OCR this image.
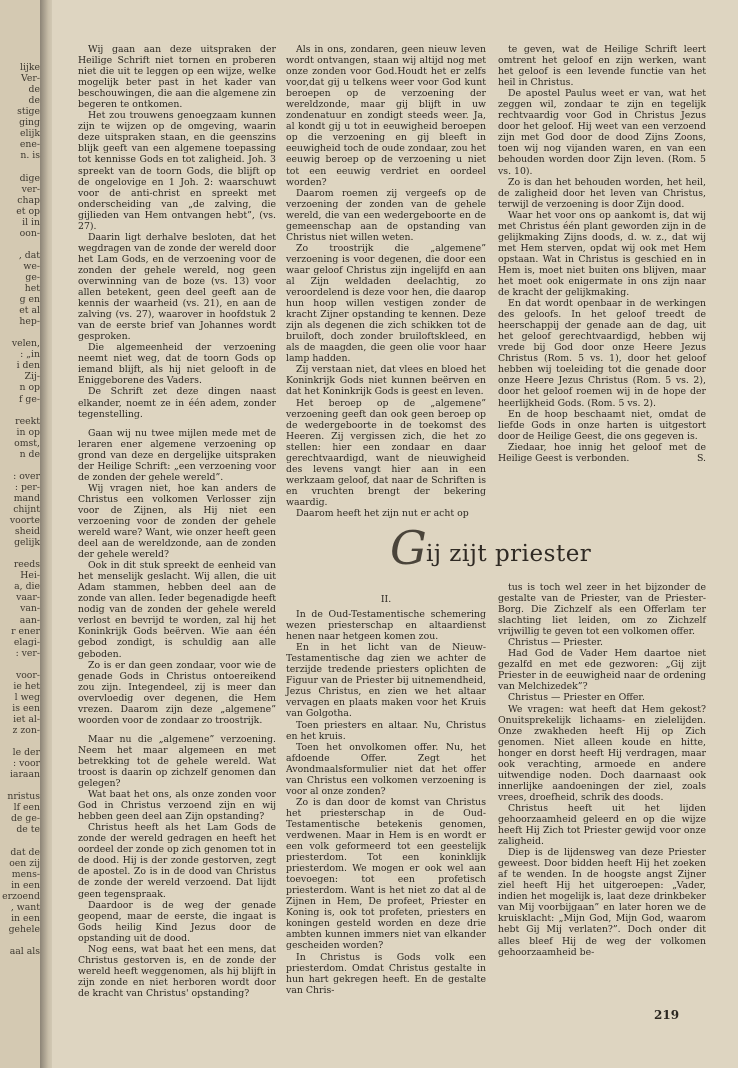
lijke
Ver-
de
de
stige
ging
elijk
ene-
n. is
dige
ver-
chap
et op
il in
oon-
, dat
we-
ge-
het
g en
et al
hep-
velen,
: „in
i den
Zij-
n op
f ge-
reekt
in op
omst,
n de
: over
: per-
mand
chijnt
voorte
sheid
gelijk
reeds
Hei-
a, die
vaar-
van-
aan-
r ener
elagi-
: ver-
voor-
ie het
l weg
is een
iet al-
z zon-
le der
: voor
iaraan
nristus
lf een
de ge-
de te
dat de
oen zij
mens-
in een
erzoend
, want
in een
gehele
aal als

Wij gaan aan deze uitspraken der Heilige Schrift niet tornen en proberen niet die uit te leggen op een wijze, welke mogelijk beter past in het kader van beschouwingen, die aan die algemene zin begeren te ontkomen.

Het zou trouwens genoegzaam kunnen zijn te wijzen op de omgeving, waarin deze uitspraken staan, en die geenszins blijk geeft van een algemene toepassing tot kennisse Gods en tot zaligheid. Joh. 3 spreekt van de toorn Gods, die blijft op de ongelovige en 1 Joh. 2: waarschuwt voor de anti-christ en spreekt met onderscheiding van „de zalving, die gijlieden van Hem ontvangen hebt”, (vs. 27).

Daarin ligt derhalve besloten, dat het wegdragen van de zonde der wereld door het Lam Gods, en de verzoening voor de zonden der gehele wereld, nog geen overwinning van de boze (vs. 13) voor allen betekent, geen deel geeft aan de kennis der waarheid (vs. 21), en aan de zalving (vs. 27), waarover in hoofdstuk 2 van de eerste brief van Johannes wordt gesproken.

Die algemeenheid der verzoening neemt niet weg, dat de toorn Gods op iemand blijft, als hij niet gelooft in de Eniggeborene des Vaders.

De Schrift zet deze dingen naast elkander, noemt ze in één adem, zonder tegenstelling.

Gaan wij nu twee mijlen mede met de leraren ener algemene verzoening op grond van deze en dergelijke uitspraken der Heilige Schrift: „een verzoening voor de zonden der gehele wereld”.

Wij vragen niet, hoe kan anders de Christus een volkomen Verlosser zijn voor de Zijnen, als Hij niet een verzoening voor de zonden der gehele wereld ware? Want, wie onzer heeft geen deel aan de wereldzonde, aan de zonden der gehele wereld?

Ook in dit stuk spreekt de eenheid van het menselijk geslacht. Wij allen, die uit Adam stammen, hebben deel aan de zonde van allen. Ieder begenadigde heeft nodig van de zonden der gehele wereld verlost en bevrijd te worden, zal hij het Koninkrijk Gods beërven. Wie aan één gebod zondigt, is schuldig aan alle geboden.

Zo is er dan geen zondaar, voor wie de genade Gods in Christus ontoereikend zou zijn. Integendeel, zij is meer dan overvloedig over degenen, die Hem vrezen. Daarom zijn deze „algemene” woorden voor de zondaar zo troostrijk.

Maar nu die „algemene” verzoening. Neem het maar algemeen en met betrekking tot de gehele wereld. Wat troost is daarin op zichzelf genomen dan gelegen?

Wat baat het ons, als onze zonden voor God in Christus verzoend zijn en wij hebben geen deel aan Zijn opstanding?

Christus heeft als het Lam Gods de zonde der wereld gedragen en heeft het oordeel der zonde op zich genomen tot in de dood. Hij is der zonde gestorven, zegt de apostel. Zo is in de dood van Christus de zonde der wereld verzoend. Dat lijdt geen tegenspraak.

Daardoor is de weg der genade geopend, maar de eerste, die ingaat is Gods heilig Kind Jezus door de opstanding uit de dood.

Nog eens, wat baat het een mens, dat Christus gestorven is, en de zonde der wereld heeft weggenomen, als hij blijft in zijn zonde en niet herboren wordt door de kracht van Christus' opstanding?

Als in ons, zondaren, geen nieuw leven wordt ontvangen, staan wij altijd nog met onze zonden voor God.Houdt het er zelfs voor,dat gij u telkens weer voor God kunt beroepen op de verzoening der wereldzonde, maar gij blijft in uw zondenatuur en zondigt steeds weer. Ja, al kondt gij u tot in eeuwigheid beroepen op die verzoening en gij bleeft in eeuwigheid toch de oude zondaar, zou het eeuwig beroep op de verzoening u niet tot een eeuwig verdriet en oordeel worden?

Daarom roemen zij vergeefs op de verzoening der zonden van de gehele wereld, die van een wedergeboorte en de gemeenschap aan de opstanding van Christus niet willen weten.

Zo troostrijk die „algemene” verzoening is voor degenen, die door een waar geloof Christus zijn ingelijfd en aan al Zijn weldaden deelachtig, zo veroordelend is deze voor hen, die daarop hun hoop willen vestigen zonder de kracht Zijner opstanding te kennen. Deze zijn als degenen die zich schikken tot de bruiloft, doch zonder bruiloftskleed, en als de maagden, die geen olie voor haar lamp hadden.

Zij verstaan niet, dat vlees en bloed het Koninkrijk Gods niet kunnen beërven en dat het Koninkrijk Gods is geest en leven.

Het beroep op de „algemene” verzoening geeft dan ook geen beroep op de wedergeboorte in de toekomst des Heeren. Zij vergissen zich, die het zo stellen: hier een zondaar en daar gerechtvaardigd, want de nieuwigheid des levens vangt hier aan in een werkzaam geloof, dat naar de Schriften is en vruchten brengt der bekering waardig.

Daarom heeft het zijn nut er acht op

te geven, wat de Heilige Schrift leert omtrent het geloof en zijn werken, want het geloof is een levende functie van het heil in Christus.

De apostel Paulus weet er van, wat het zeggen wil, zondaar te zijn en tegelijk rechtvaardig voor God in Christus Jezus door het geloof. Hij weet van een verzoend zijn met God door de dood Zijns Zoons, toen wij nog vijanden waren, en van een behouden worden door Zijn leven. (Rom. 5 vs. 10).

Zo is dan het behouden worden, het heil, de zaligheid door het leven van Christus, terwijl de verzoening is door Zijn dood.

Waar het voor ons op aankomt is, dat wij met Christus één plant geworden zijn in de gelijkmaking Zijns doods, d. w. z., dat wij met Hem sterven, opdat wij ook met Hem opstaan. Wat in Christus is geschied en in Hem is, moet niet buiten ons blijven, maar het moet ook enigermate in ons zijn naar de kracht der gelijkmaking.

En dat wordt openbaar in de werkingen des geloofs. In het geloof treedt de heerschappij der genade aan de dag, uit het geloof gerechtvaardigd, hebben wij vrede bij God door onze Heere Jezus Christus (Rom. 5 vs. 1), door het geloof hebben wij toeleiding tot die genade door onze Heere Jezus Christus (Rom. 5 vs. 2), door het geloof roemen wij in de hope der heerlijkheid Gods. (Rom. 5 vs. 2).

En de hoop beschaamt niet, omdat de liefde Gods in onze harten is uitgestort door de Heilige Geest, die ons gegeven is.

Ziedaar, hoe innig het geloof met de Heilige Geest is verbonden.	S.

G ij zijt priester

II.

In de Oud-Testamentische schemering wezen priesterschap en altaardienst henen naar hetgeen komen zou.

En in het licht van de Nieuw-Testamentische dag zien we achter de terzijde tredende priesters oplichten de Figuur van de Priester bij uitnemendheid, Jezus Christus, en zien we het altaar vervagen en plaats maken voor het Kruis van Golgotha.

Toen priesters en altaar. Nu, Christus en het kruis.

Toen het onvolkomen offer. Nu, het afdoende Offer. Zegt het Avondmaalsformulier niet dat het offer van Christus een volkomen verzoening is voor al onze zonden?

Zo is dan door de komst van Christus het priesterschap in de Oud-Testamentische betekenis genomen, verdwenen. Maar in Hem is en wordt er een volk geformeerd tot een geestelijk priesterdom. Tot een koninklijk priesterdom. We mogen er ook wel aan toevoegen: tot een profetisch priesterdom. Want is het niet zo dat al de Zijnen in Hem, De profeet, Priester en Koning is, ook tot profeten, priesters en koningen gesteld worden en deze drie ambten kunnen immers niet van elkander gescheiden worden?

In Christus is Gods volk een priesterdom. Omdat Christus gestalte in hun hart gekregen heeft. En de gestalte van Chris-

tus is toch wel zeer in het bijzonder de gestalte van de Priester, van de Priester-Borg. Die Zichzelf als een Offerlam ter slachting liet leiden, om zo Zichzelf vrijwillig te geven tot een volkomen offer.

Christus — Priester.

Had God de Vader Hem daartoe niet gezalfd en met ede gezworen: „Gij zijt Priester in de eeuwigheid naar de ordening van Melchizedek”?

Christus — Priester en Offer.

We vragen: wat heeft dat Hem gekost? Onuitsprekelijk lichaams- en zielelijden. Onze zwakheden heeft Hij op Zich genomen. Niet alleen koude en hitte, honger en dorst heeft Hij verdragen, maar ook verachting, armoede en andere uitwendige noden. Doch daarnaast ook innerlijke aandoeningen der ziel, zoals vrees, droefheid, schrik des doods.

Christus heeft uit het lijden gehoorzaamheid geleerd en op die wijze heeft Hij Zich tot Priester gewijd voor onze zaligheid.

Diep is de lijdensweg van deze Priester geweest. Door bidden heeft Hij het zoeken af te wenden. In de hoogste angst Zijner ziel heeft Hij het uitgeroepen: „Vader, indien het mogelijk is, laat deze drinkbeker van Mij voorbijgaan” en later horen we de kruisklacht: „Mijn God, Mijn God, waarom hebt Gij Mij verlaten?”. Doch onder dit alles bleef Hij de weg der volkomen gehoorzaamheid be-

219
